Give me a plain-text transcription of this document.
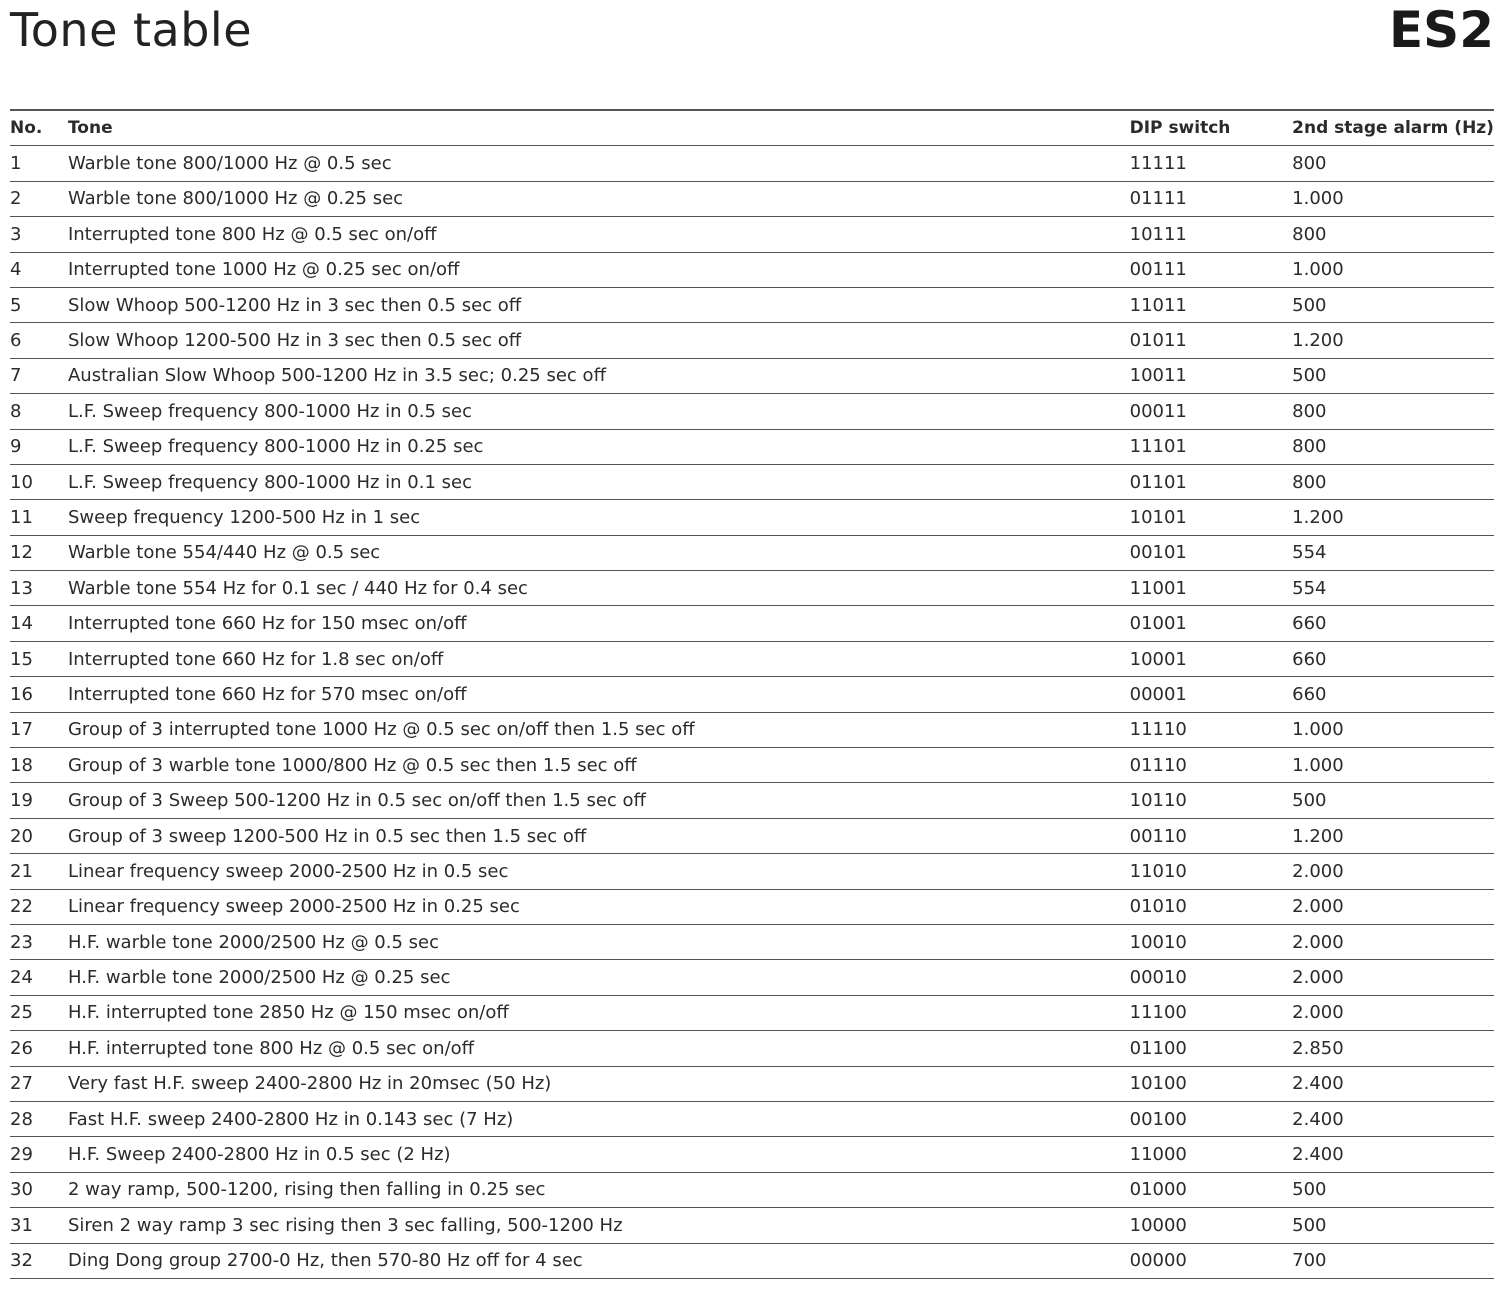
Tone table	ES2
No.	Tone	DIP switch	2nd stage alarm (Hz)
1	Warble tone 800/1000 Hz @ 0.5 sec	11111	800
2	Warble tone 800/1000 Hz @ 0.25 sec	01111	1.000
3	Interrupted tone 800 Hz @ 0.5 sec on/off	10111	800
4	Interrupted tone 1000 Hz @ 0.25 sec on/off	00111	1.000
5	Slow Whoop 500-1200 Hz in 3 sec then 0.5 sec off	11011	500
6	Slow Whoop 1200-500 Hz in 3 sec then 0.5 sec off	01011	1.200
7	Australian Slow Whoop 500-1200 Hz in 3.5 sec; 0.25 sec off	10011	500
8	L.F. Sweep frequency 800-1000 Hz in 0.5 sec	00011	800
9	L.F. Sweep frequency 800-1000 Hz in 0.25 sec	11101	800
10	L.F. Sweep frequency 800-1000 Hz in 0.1 sec	01101	800
11	Sweep frequency 1200-500 Hz in 1 sec	10101	1.200
12	Warble tone 554/440 Hz @ 0.5 sec	00101	554
13	Warble tone 554 Hz for 0.1 sec / 440 Hz for 0.4 sec	11001	554
14	Interrupted tone 660 Hz for 150 msec on/off	01001	660
15	Interrupted tone 660 Hz for 1.8 sec on/off	10001	660
16	Interrupted tone 660 Hz for 570 msec on/off	00001	660
17	Group of 3 interrupted tone 1000 Hz @ 0.5 sec on/off then 1.5 sec off	11110	1.000
18	Group of 3 warble tone 1000/800 Hz @ 0.5 sec then 1.5 sec off	01110	1.000
19	Group of 3 Sweep 500-1200 Hz in 0.5 sec on/off then 1.5 sec off	10110	500
20	Group of 3 sweep 1200-500 Hz in 0.5 sec then 1.5 sec off	00110	1.200
21	Linear frequency sweep 2000-2500 Hz in 0.5 sec	11010	2.000
22	Linear frequency sweep 2000-2500 Hz in 0.25 sec	01010	2.000
23	H.F. warble tone 2000/2500 Hz @ 0.5 sec	10010	2.000
24	H.F. warble tone 2000/2500 Hz @ 0.25 sec	00010	2.000
25	H.F. interrupted tone 2850 Hz @ 150 msec on/off	11100	2.000
26	H.F. interrupted tone 800 Hz @ 0.5 sec on/off	01100	2.850
27	Very fast H.F. sweep 2400-2800 Hz in 20msec (50 Hz)	10100	2.400
28	Fast H.F. sweep 2400-2800 Hz in 0.143 sec (7 Hz)	00100	2.400
29	H.F. Sweep 2400-2800 Hz in 0.5 sec (2 Hz)	11000	2.400
30	2 way ramp, 500-1200, rising then falling in 0.25 sec	01000	500
31	Siren 2 way ramp 3 sec rising then 3 sec falling, 500-1200 Hz	10000	500
32	Ding Dong group 2700-0 Hz, then 570-80 Hz off for 4 sec	00000	700
